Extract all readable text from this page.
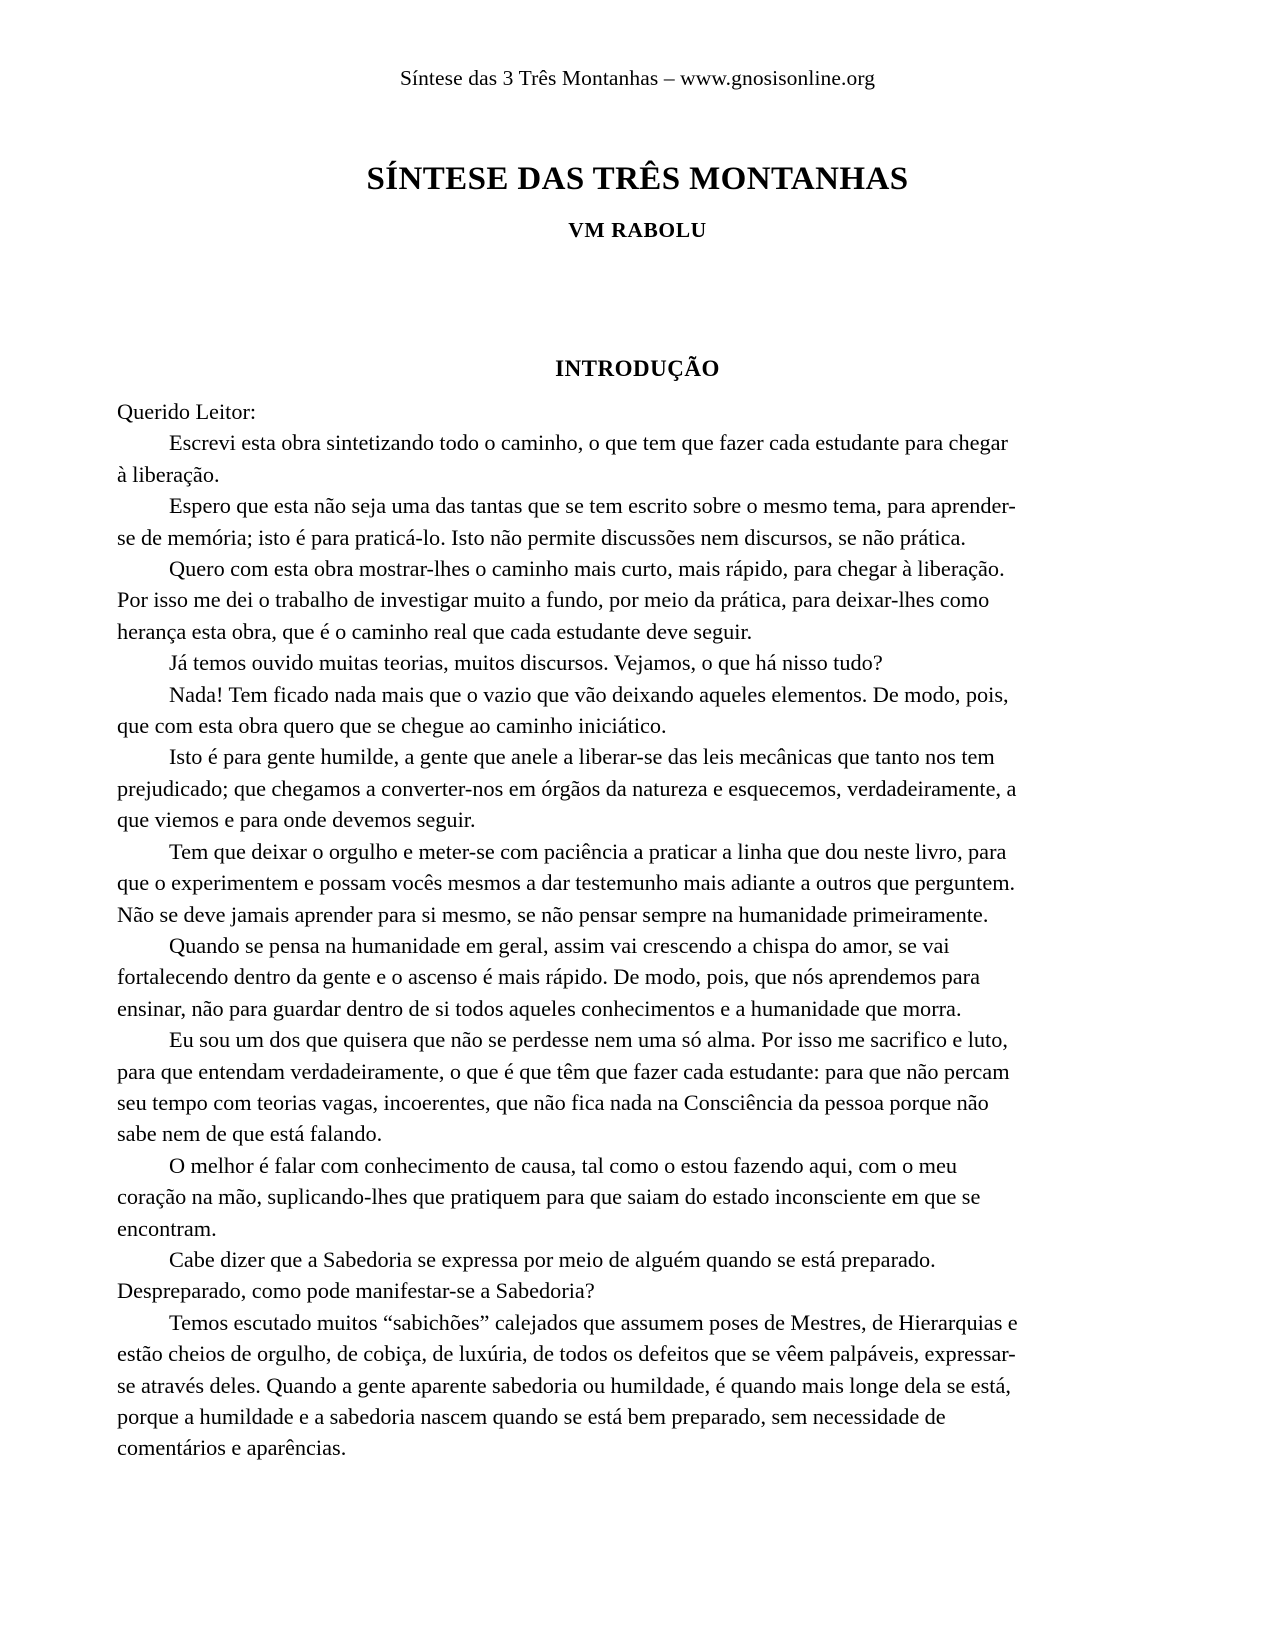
Síntese das 3 Três Montanhas – www.gnosisonline.org
SÍNTESE DAS TRÊS MONTANHAS
VM RABOLU
INTRODUÇÃO

Querido Leitor:

Escrevi esta obra sintetizando todo o caminho, o que tem que fazer cada estudante para chegar à liberação.

Espero que esta não seja uma das tantas que se tem escrito sobre o mesmo tema, para aprender-se de memória; isto é para praticá-lo. Isto não permite discussões nem discursos, se não prática.

Quero com esta obra mostrar-lhes o caminho mais curto, mais rápido, para chegar à liberação. Por isso me dei o trabalho de investigar muito a fundo, por meio da prática, para deixar-lhes como herança esta obra, que é o caminho real que cada estudante deve seguir.

Já temos ouvido muitas teorias, muitos discursos. Vejamos, o que há nisso tudo?

Nada! Tem ficado nada mais que o vazio que vão deixando aqueles elementos. De modo, pois, que com esta obra quero que se chegue ao caminho iniciático.

Isto é para gente humilde, a gente que anele a liberar-se das leis mecânicas que tanto nos tem prejudicado; que chegamos a converter-nos em órgãos da natureza e esquecemos, verdadeiramente, a que viemos e para onde devemos seguir.

Tem que deixar o orgulho e meter-se com paciência a praticar a linha que dou neste livro, para que o experimentem e possam vocês mesmos a dar testemunho mais adiante a outros que perguntem. Não se deve jamais aprender para si mesmo, se não pensar sempre na humanidade primeiramente.

Quando se pensa na humanidade em geral, assim vai crescendo a chispa do amor, se vai fortalecendo dentro da gente e o ascenso é mais rápido. De modo, pois, que nós aprendemos para ensinar, não para guardar dentro de si todos aqueles conhecimentos e a humanidade que morra.

Eu sou um dos que quisera que não se perdesse nem uma só alma. Por isso me sacrifico e luto, para que entendam verdadeiramente, o que é que têm que fazer cada estudante: para que não percam seu tempo com teorias vagas, incoerentes, que não fica nada na Consciência da pessoa porque não sabe nem de que está falando.

O melhor é falar com conhecimento de causa, tal como o estou fazendo aqui, com o meu coração na mão, suplicando-lhes que pratiquem para que saiam do estado inconsciente em que se encontram.

Cabe dizer que a Sabedoria se expressa por meio de alguém quando se está preparado. Despreparado, como pode manifestar-se a Sabedoria?

Temos escutado muitos “sabichões” calejados que assumem poses de Mestres, de Hierarquias e estão cheios de orgulho, de cobiça, de luxúria, de todos os defeitos que se vêem palpáveis, expressar-se através deles. Quando a gente aparente sabedoria ou humildade, é quando mais longe dela se está, porque a humildade e a sabedoria nascem quando se está bem preparado, sem necessidade de comentários e aparências.
